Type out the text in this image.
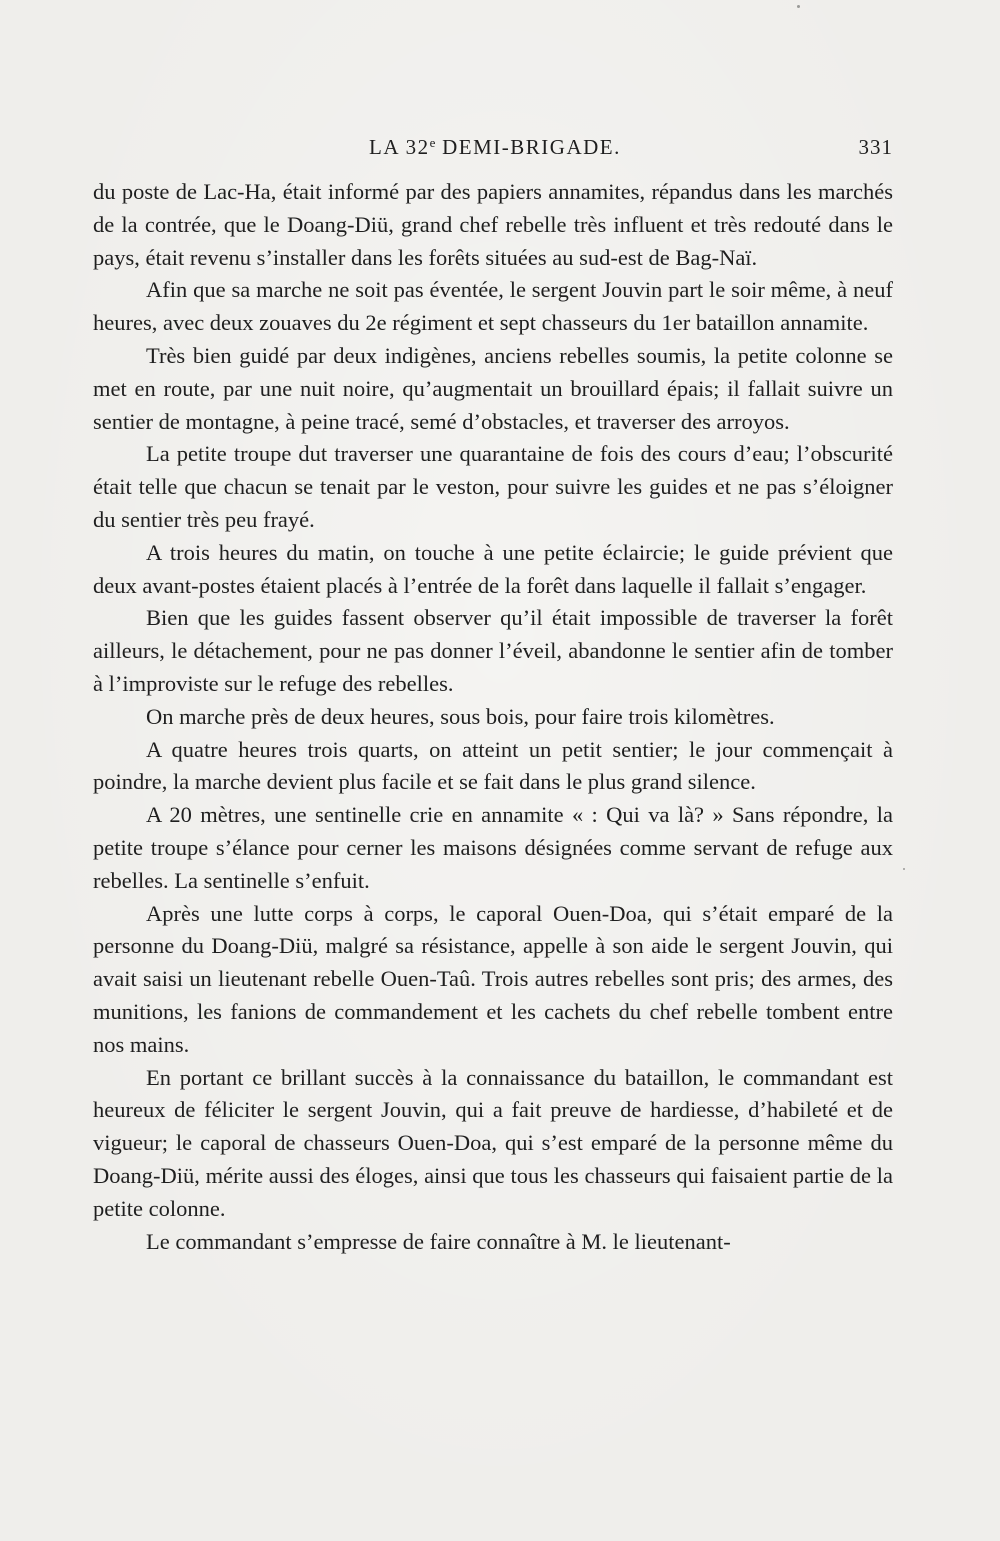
LA 32e DEMI-BRIGADE.	331

du poste de Lac-Ha, était informé par des papiers annamites, répandus dans les marchés de la contrée, que le Doang-Diü, grand chef rebelle très influent et très redouté dans le pays, était revenu s’installer dans les forêts situées au sud-est de Bag-Naï.

Afin que sa marche ne soit pas éventée, le sergent Jouvin part le soir même, à neuf heures, avec deux zouaves du 2e régiment et sept chasseurs du 1er bataillon annamite.

Très bien guidé par deux indigènes, anciens rebelles soumis, la petite colonne se met en route, par une nuit noire, qu’augmentait un brouillard épais; il fallait suivre un sentier de montagne, à peine tracé, semé d’obstacles, et traverser des arroyos.

La petite troupe dut traverser une quarantaine de fois des cours d’eau; l’obscurité était telle que chacun se tenait par le veston, pour suivre les guides et ne pas s’éloigner du sentier très peu frayé.

A trois heures du matin, on touche à une petite éclaircie; le guide prévient que deux avant-postes étaient placés à l’entrée de la forêt dans laquelle il fallait s’engager.

Bien que les guides fassent observer qu’il était impossible de traverser la forêt ailleurs, le détachement, pour ne pas donner l’éveil, abandonne le sentier afin de tomber à l’improviste sur le refuge des rebelles.

On marche près de deux heures, sous bois, pour faire trois kilomètres.

A quatre heures trois quarts, on atteint un petit sentier; le jour commençait à poindre, la marche devient plus facile et se fait dans le plus grand silence.

A 20 mètres, une sentinelle crie en annamite « : Qui va là? » Sans répondre, la petite troupe s’élance pour cerner les maisons désignées comme servant de refuge aux rebelles. La sentinelle s’enfuit.

Après une lutte corps à corps, le caporal Ouen-Doa, qui s’était emparé de la personne du Doang-Diü, malgré sa résistance, appelle à son aide le sergent Jouvin, qui avait saisi un lieutenant rebelle Ouen-Taû. Trois autres rebelles sont pris; des armes, des munitions, les fanions de commandement et les cachets du chef rebelle tombent entre nos mains.

En portant ce brillant succès à la connaissance du bataillon, le commandant est heureux de féliciter le sergent Jouvin, qui a fait preuve de hardiesse, d’habileté et de vigueur; le caporal de chasseurs Ouen-Doa, qui s’est emparé de la personne même du Doang-Diü, mérite aussi des éloges, ainsi que tous les chasseurs qui faisaient partie de la petite colonne.

Le commandant s’empresse de faire connaître à M. le lieutenant-
